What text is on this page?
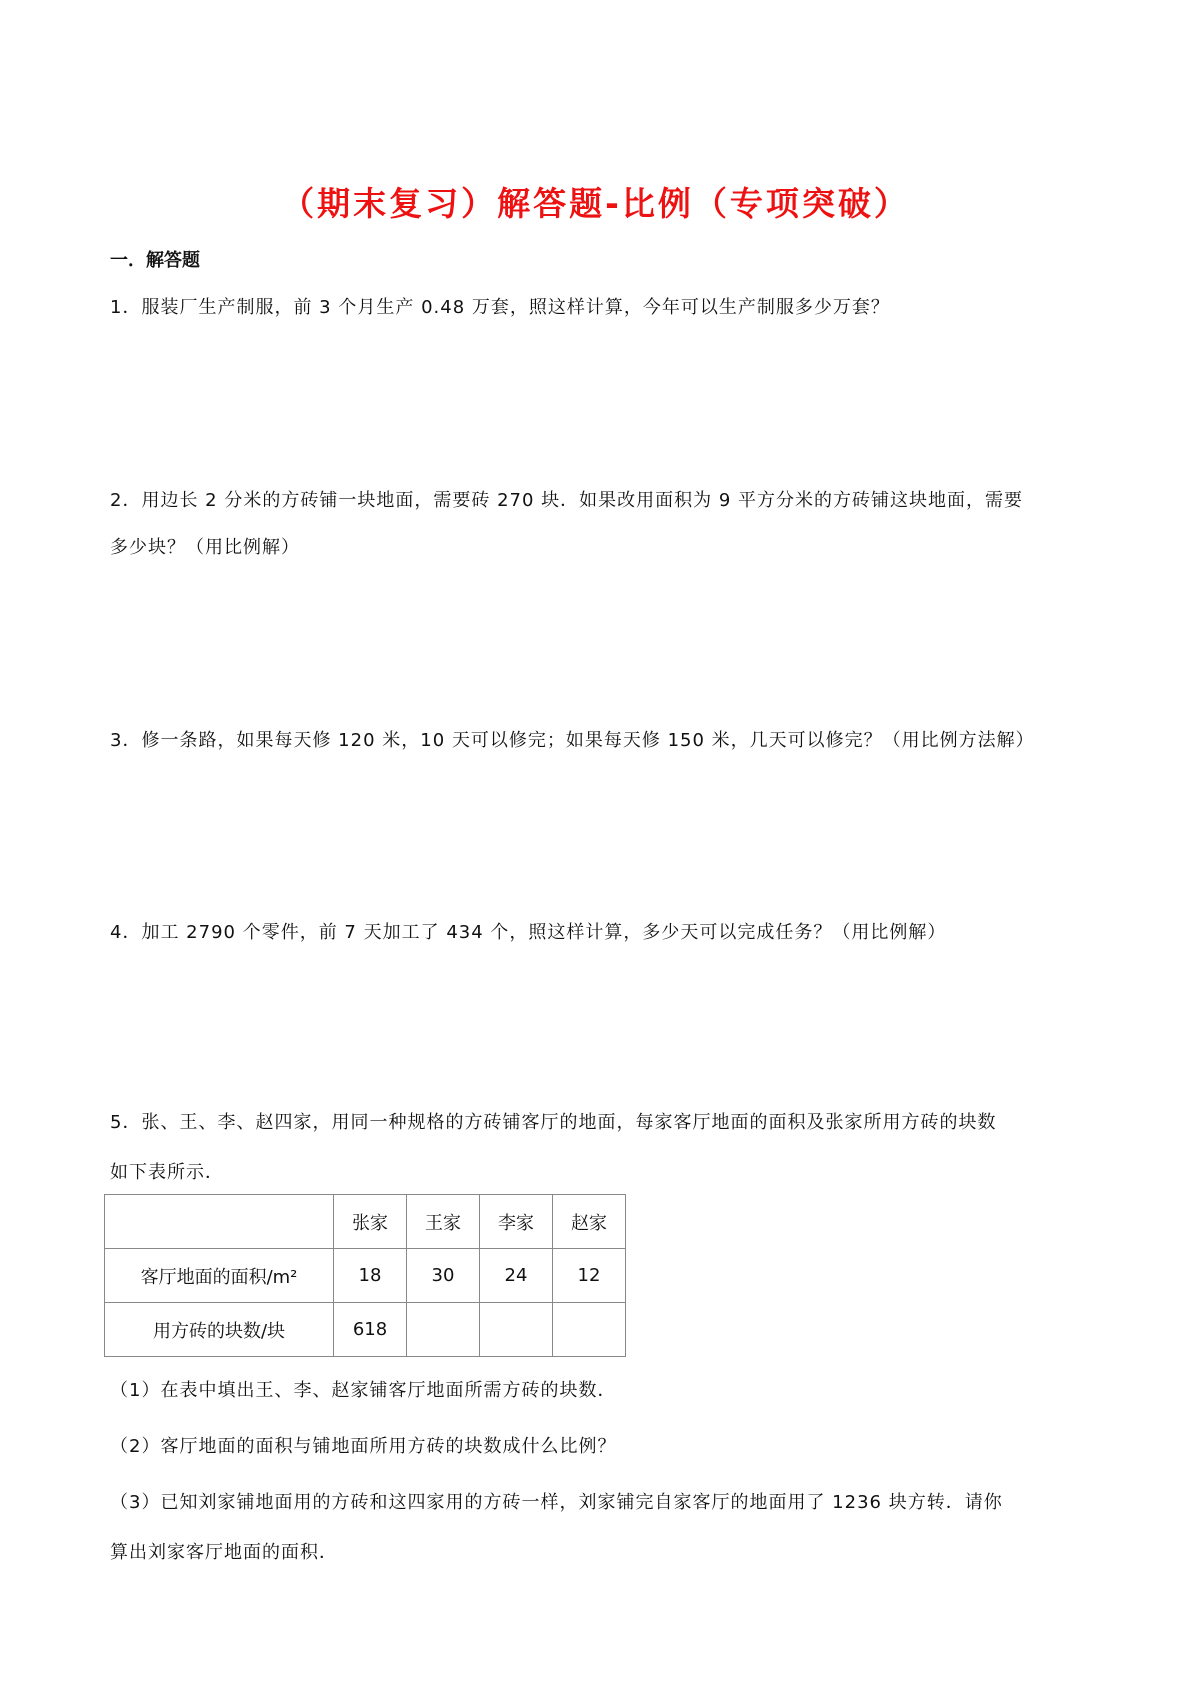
（期末复习）解答题-比例（专项突破）
一．解答题
1．服装厂生产制服，前 3 个月生产 0.48 万套，照这样计算，今年可以生产制服多少万套？
2．用边长 2 分米的方砖铺一块地面，需要砖 270 块．如果改用面积为 9 平方分米的方砖铺这块地面，需要
多少块？（用比例解）
3．修一条路，如果每天修 120 米，10 天可以修完；如果每天修 150 米，几天可以修完？（用比例方法解）
4．加工 2790 个零件，前 7 天加工了 434 个，照这样计算，多少天可以完成任务？（用比例解）
5．张、王、李、赵四家，用同一种规格的方砖铺客厅的地面，每家客厅地面的面积及张家所用方砖的块数
如下表所示．
	张家	王家	李家	赵家
客厅地面的面积/m²	18	30	24	12
用方砖的块数/块	618			
（1）在表中填出王、李、赵家铺客厅地面所需方砖的块数．
（2）客厅地面的面积与铺地面所用方砖的块数成什么比例？
（3）已知刘家铺地面用的方砖和这四家用的方砖一样，刘家铺完自家客厅的地面用了 1236 块方转．请你
算出刘家客厅地面的面积．
